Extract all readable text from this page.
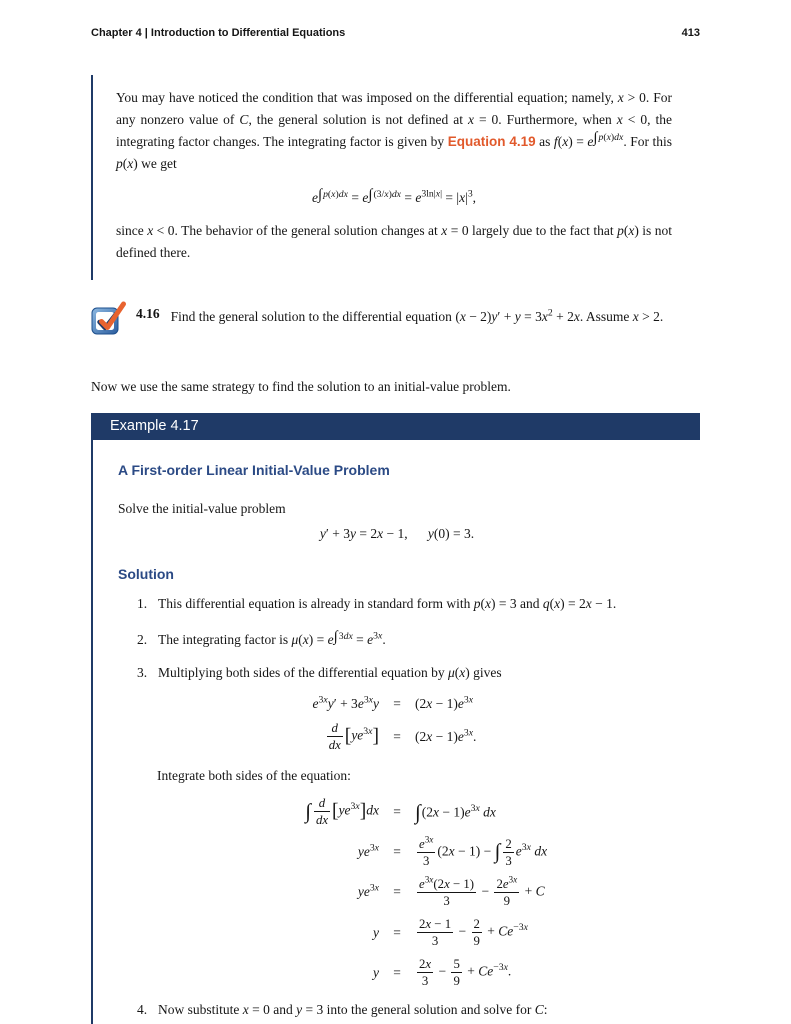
Chapter 4 | Introduction to Differential Equations	413

You may have noticed the condition that was imposed on the differential equation; namely, x > 0. For any nonzero value of C, the general solution is not defined at x = 0. Furthermore, when x < 0, the integrating factor changes. The integrating factor is given by Equation 4.19 as $f(x) = e^{\int p(x)dx}$. For this p(x) we get

$e^{\int p(x)dx} = e^{\int(3/x)dx} = e^{3ln|x|} = |x|^3$,

since x < 0. The behavior of the general solution changes at x = 0 largely due to the fact that p(x) is not defined there.

4.16 Find the general solution to the differential equation $(x - 2)y' + y = 3x^2 + 2x$. Assume x > 2.

Now we use the same strategy to find the solution to an initial-value problem.

Example 4.17
A First-order Linear Initial-Value Problem
Solve the initial-value problem
y′ + 3y = 2x − 1,  y(0) = 3.
Solution
1. This differential equation is already in standard form with p(x) = 3 and q(x) = 2x − 1.
2. The integrating factor is $\mu(x) = e^{\int 3dx} = e^{3x}$.
3. Multiplying both sides of the differential equation by μ(x) gives
$e^{3x}y' + 3e^{3x}y$	=	$(2x - 1)e^{3x}$
$\frac{d}{dx} [ye^{3x}]$	=	$(2x - 1)e^{3x}$.
Integrate both sides of the equation:
∫ $\frac{d}{dx} [ye^{3x}]dx$	= $\int(2x - 1)e^{3x}$ dx
$ye^{3x}$	=	$\frac{e^{3x}}{3} (2x - 1)$ − ∫ $\frac{2}{3} e^{3x}$ dx
$ye^{3x}$	=	$\frac{e^{3x}(2x - 1)}{3} - \frac{2e^{3x}}{9} + C$
y	=	$\frac{2x - 1}{3} - \frac{2}{9} + Ce^{-3x}$
y	=	$\frac{2x}{3} - \frac{5}{9} + Ce^{-3x}$.
4. Now substitute x = 0 and y = 3 into the general solution and solve for C:
